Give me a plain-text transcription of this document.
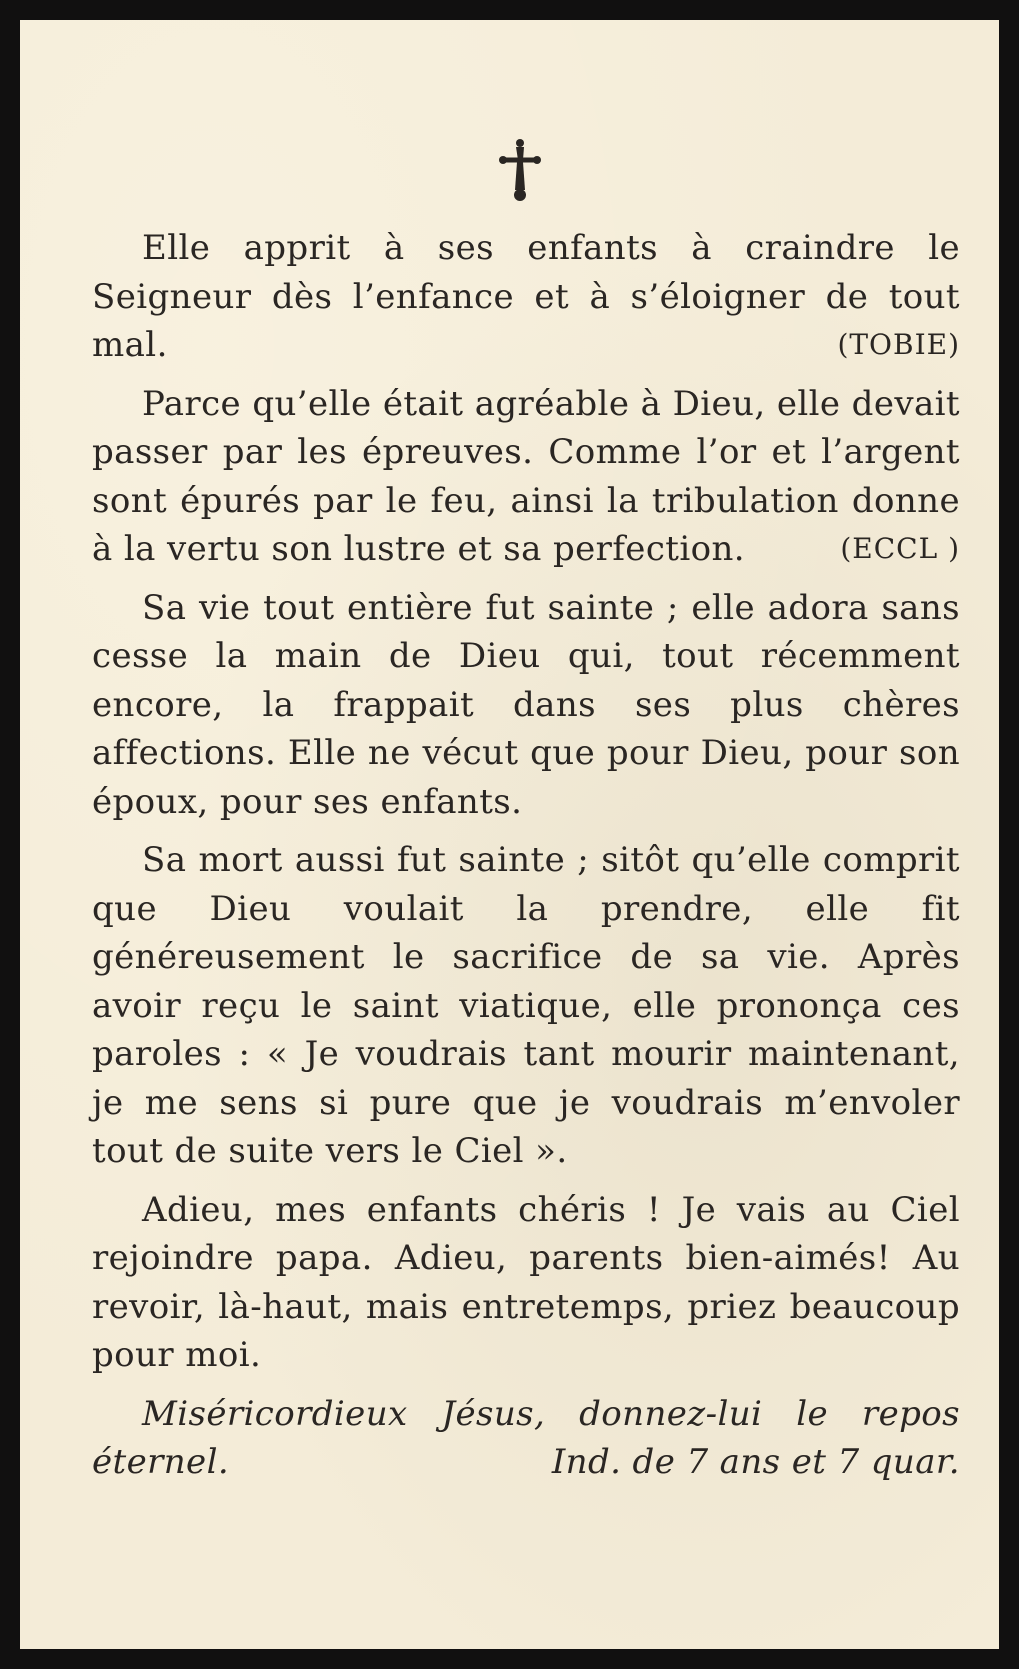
Elle apprit à ses enfants à craindre le Seigneur dès l’enfance et à s’éloigner de tout mal.	(TOBIE)

Parce qu’elle était agréable à Dieu, elle devait passer par les épreuves. Comme l’or et l’argent sont épurés par le feu, ainsi la tribulation donne à la vertu son lustre et sa perfection.	(ECCL )

Sa vie tout entière fut sainte ; elle adora sans cesse la main de Dieu qui, tout récemment encore, la frappait dans ses plus chères affections. Elle ne vécut que pour Dieu, pour son époux, pour ses enfants.

Sa mort aussi fut sainte ; sitôt qu’elle comprit que Dieu voulait la prendre, elle fit généreusement le sacrifice de sa vie. Après avoir reçu le saint viatique, elle prononça ces paroles : « Je voudrais tant mourir maintenant, je me sens si pure que je voudrais m’envoler tout de suite vers le Ciel ».

Adieu, mes enfants chéris ! Je vais au Ciel rejoindre papa. Adieu, parents bien-aimés! Au revoir, là-haut, mais entretemps, priez beaucoup pour moi.

Miséricordieux Jésus, donnez-lui le repos éternel.	Ind. de 7 ans et 7 quar.
